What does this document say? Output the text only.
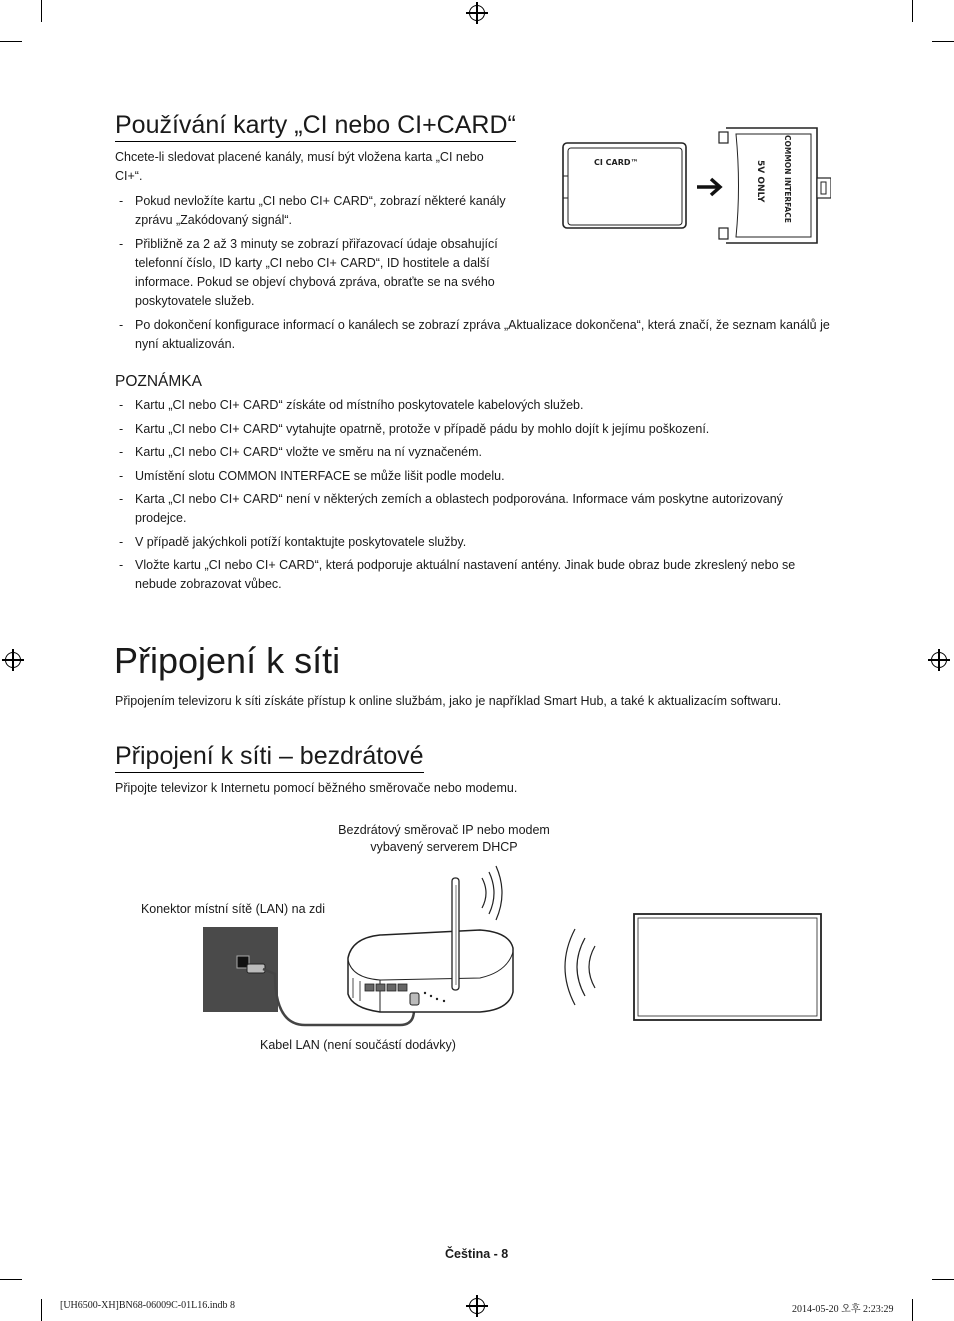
Používání karty „CI nebo CI+CARD“

Chcete-li sledovat placené kanály, musí být vložena karta „CI nebo CI+“.

- Pokud nevložíte kartu „CI nebo CI+ CARD“, zobrazí některé kanály zprávu „Zakódovaný signál“.
- Přibližně za 2 až 3 minuty se zobrazí přiřazovací údaje obsahující telefonní číslo, ID karty „CI nebo CI+ CARD“, ID hostitele a další informace. Pokud se objeví chybová zpráva, obraťte se na svého poskytovatele služeb.
- Po dokončení konfigurace informací o kanálech se zobrazí zpráva „Aktualizace dokončena“, která značí, že seznam kanálů je nyní aktualizován.
CI CARD™	COMMON INTERFACE
5V ONLY
POZNÁMKA
- Kartu „CI nebo CI+ CARD“ získáte od místního poskytovatele kabelových služeb.
- Kartu „CI nebo CI+ CARD“ vytahujte opatrně, protože v případě pádu by mohlo dojít k jejímu poškození.
- Kartu „CI nebo CI+ CARD“ vložte ve směru na ní vyznačeném.
- Umístění slotu COMMON INTERFACE se může lišit podle modelu.
- Karta „CI nebo CI+ CARD“ není v některých zemích a oblastech podporována. Informace vám poskytne autorizovaný prodejce.
- V případě jakýchkoli potíží kontaktujte poskytovatele služby.
- Vložte kartu „CI nebo CI+ CARD“, která podporuje aktuální nastavení antény. Jinak bude obraz bude zkreslený nebo se nebude zobrazovat vůbec.
Připojení k síti

Připojením televizoru k síti získáte přístup k online službám, jako je například Smart Hub, a také k aktualizacím softwaru.

Připojení k síti – bezdrátové

Připojte televizor k Internetu pomocí běžného směrovače nebo modemu.

Bezdrátový směrovač IP nebo modem vybavený serverem DHCP
Konektor místní sítě (LAN) na zdi
Kabel LAN (není součástí dodávky)
Čeština - 8
[UH6500-XH]BN68-06009C-01L16.indb 8	2014-05-20 오후 2:23:29
